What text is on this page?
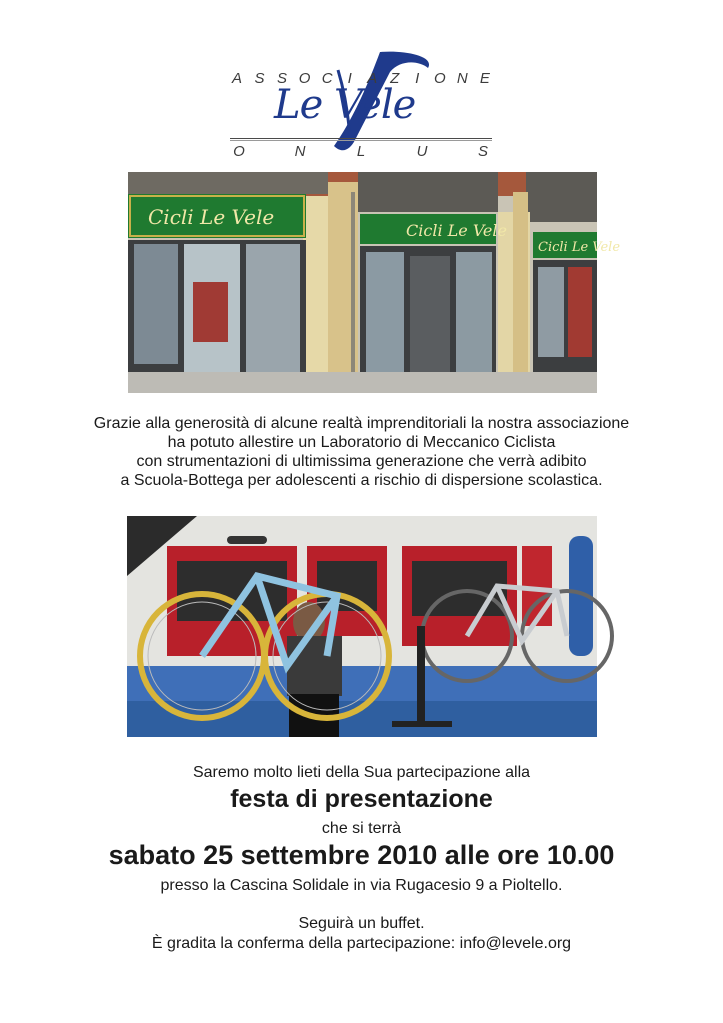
A S S O C	I	A Z	I O N E
Le Vele
O	N	L	U	S
Cicli Le Vele
Cicli Le Vele
Cicli Le Vele

Grazie alla generosità di alcune realtà imprenditoriali la nostra associazione

ha potuto allestire un Laboratorio di Meccanico Ciclista

con strumentazioni di ultimissima generazione che verrà adibito

a Scuola-Bottega per adolescenti a rischio di dispersione scolastica.

Saremo molto lieti della Sua partecipazione alla
festa di presentazione
che si terrà
sabato 25 settembre 2010 alle ore 10.00
presso la Cascina Solidale in via Rugacesio 9 a Pioltello.
Seguirà un buffet.
È gradita la conferma della partecipazione: info@levele.org
